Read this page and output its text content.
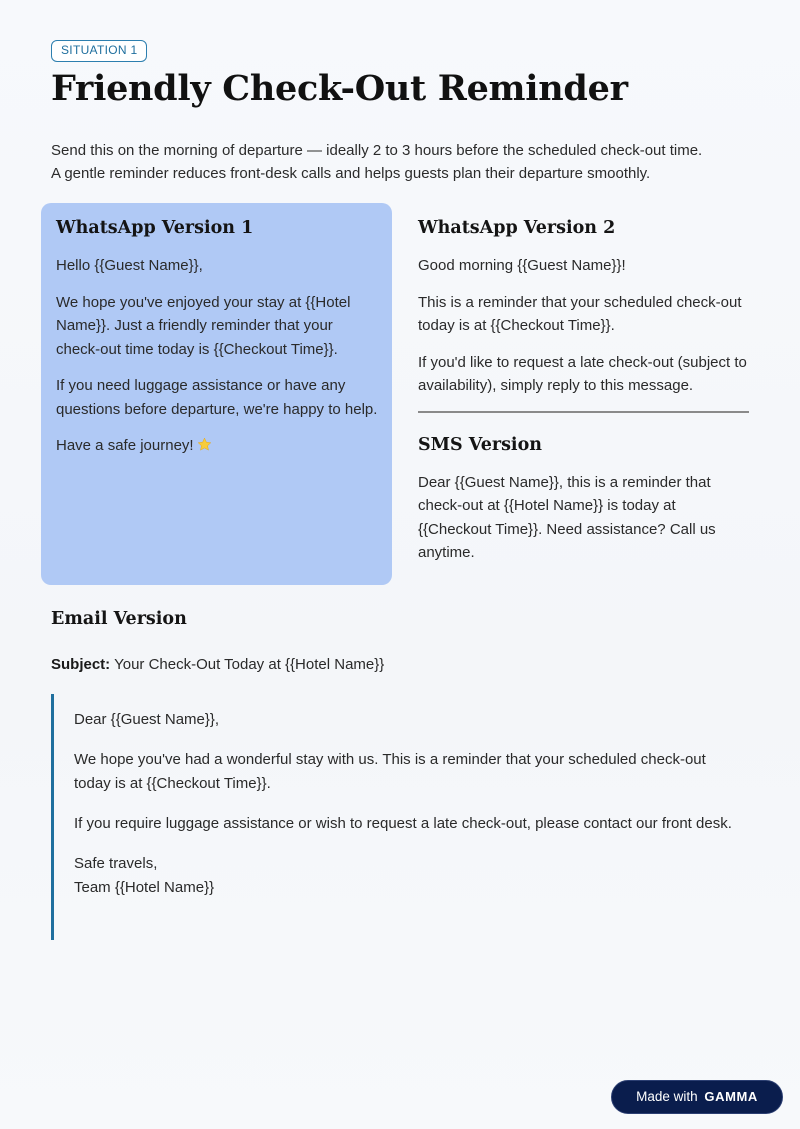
SITUATION 1
Friendly Check-Out Reminder
Send this on the morning of departure — ideally 2 to 3 hours before the scheduled check-out time.
A gentle reminder reduces front-desk calls and helps guests plan their departure smoothly.
WhatsApp Version 1

Hello {{Guest Name}},

We hope you've enjoyed your stay at {{Hotel Name}}. Just a friendly reminder that your check-out time today is {{Checkout Time}}.

If you need luggage assistance or have any questions before departure, we're happy to help.

Have a safe journey!

WhatsApp Version 2

Good morning {{Guest Name}}!

This is a reminder that your scheduled check-out today is at {{Checkout Time}}.

If you'd like to request a late check-out (subject to availability), simply reply to this message.

SMS Version

Dear {{Guest Name}}, this is a reminder that check-out at {{Hotel Name}} is today at {{Checkout Time}}. Need assistance? Call us anytime.

Email Version
Subject: Your Check-Out Today at {{Hotel Name}}

Dear {{Guest Name}},

We hope you've had a wonderful stay with us. This is a reminder that your scheduled check-out today is at {{Checkout Time}}.

If you require luggage assistance or wish to request a late check-out, please contact our front desk.

Safe travels,
Team {{Hotel Name}}

Made with GAMMA
